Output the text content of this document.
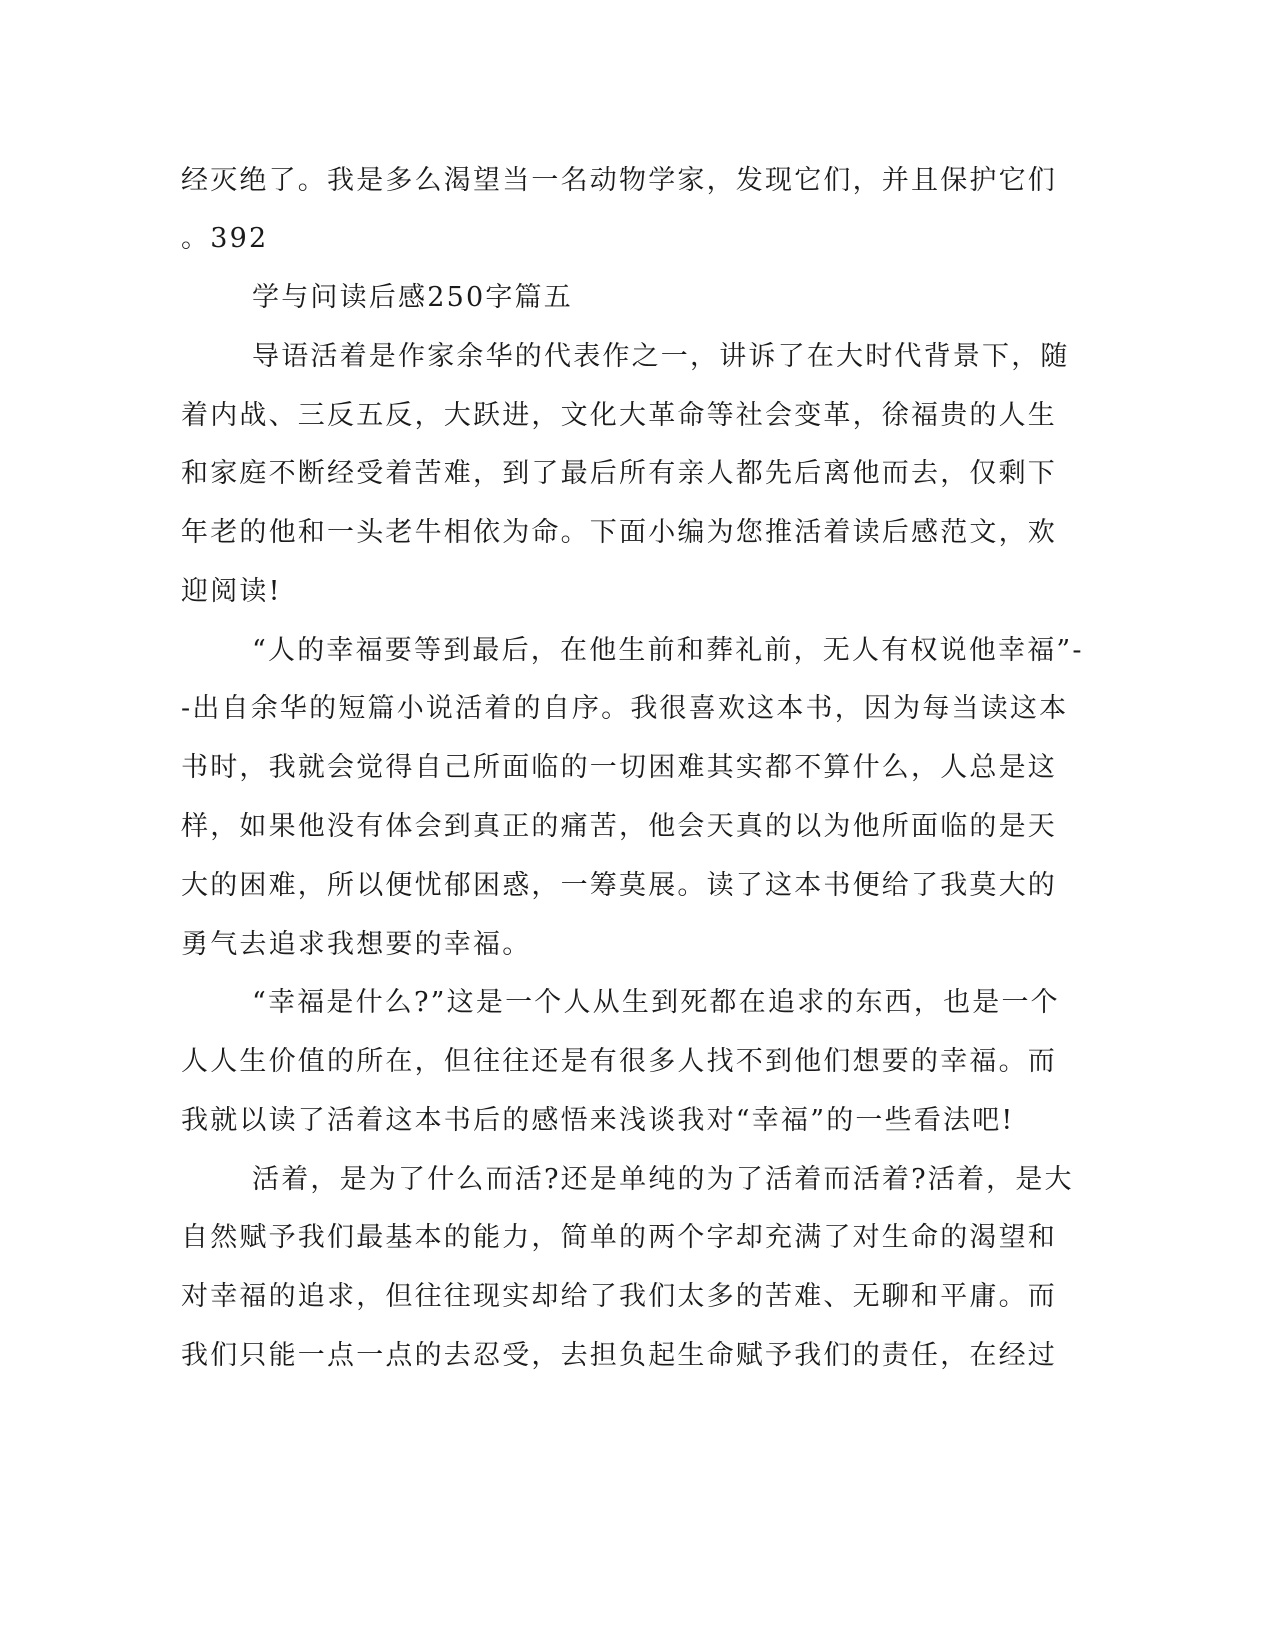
经灭绝了。我是多么渴望当一名动物学家，发现它们，并且保护它们
。392
学与问读后感250字篇五
导语活着是作家余华的代表作之一，讲诉了在大时代背景下，随
着内战、三反五反，大跃进，文化大革命等社会变革，徐福贵的人生
和家庭不断经受着苦难，到了最后所有亲人都先后离他而去，仅剩下
年老的他和一头老牛相依为命。下面小编为您推活着读后感范文，欢
迎阅读!
“人的幸福要等到最后，在他生前和葬礼前，无人有权说他幸福”-
-出自余华的短篇小说活着的自序。我很喜欢这本书，因为每当读这本
书时，我就会觉得自己所面临的一切困难其实都不算什么，人总是这
样，如果他没有体会到真正的痛苦，他会天真的以为他所面临的是天
大的困难，所以便忧郁困惑，一筹莫展。读了这本书便给了我莫大的
勇气去追求我想要的幸福。
“幸福是什么?”这是一个人从生到死都在追求的东西，也是一个
人人生价值的所在，但往往还是有很多人找不到他们想要的幸福。而
我就以读了活着这本书后的感悟来浅谈我对“幸福”的一些看法吧!
活着，是为了什么而活?还是单纯的为了活着而活着?活着，是大
自然赋予我们最基本的能力，简单的两个字却充满了对生命的渴望和
对幸福的追求，但往往现实却给了我们太多的苦难、无聊和平庸。而
我们只能一点一点的去忍受，去担负起生命赋予我们的责任，在经过
